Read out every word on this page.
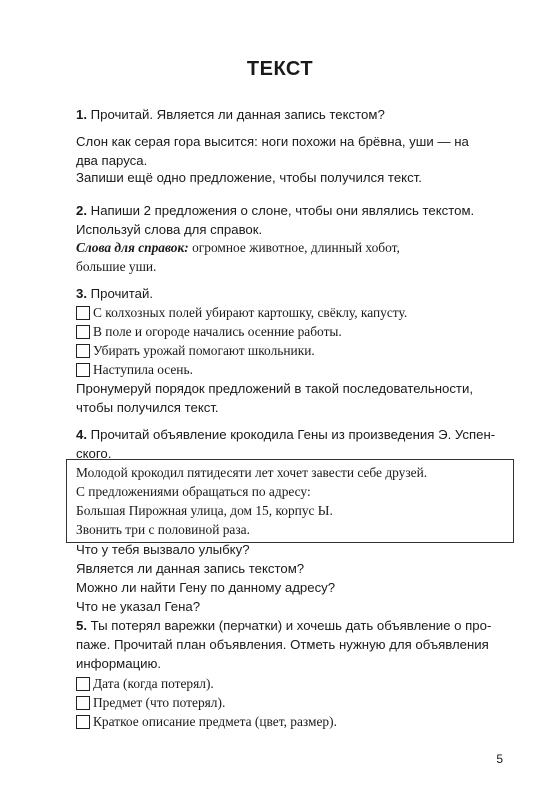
ТЕКСТ

1. Прочитай. Является ли данная запись текстом?

Слон как серая гора высится: ноги похожи на брёвна, уши — на

два паруса.

Запиши ещё одно предложение, чтобы получился текст.

2. Напиши 2 предложения о слоне, чтобы они являлись текстом.

Используй слова для справок.

Слова для справок: огромное животное, длинный хобот,

большие уши.

3. Прочитай.

С колхозных полей убирают картошку, свёклу, капусту.
В поле и огороде начались осенние работы.
Убирать урожай помогают школьники.
Наступила осень.

Пронумеруй порядок предложений в такой последовательности,

чтобы получился текст.

4. Прочитай объявление крокодила Гены из произведения Э. Успен-

ского.

Молодой крокодил пятидесяти лет хочет завести себе друзей.

С предложениями обращаться по адресу:

Большая Пирожная улица, дом 15, корпус Ы.

Звонить три с половиной раза.

Что у тебя вызвало улыбку?

Является ли данная запись текстом?

Можно ли найти Гену по данному адресу?

Что не указал Гена?

5. Ты потерял варежки (перчатки) и хочешь дать объявление о про-

паже. Прочитай план объявления. Отметь нужную для объявления

информацию.

Дата (когда потерял).
Предмет (что потерял).
Краткое описание предмета (цвет, размер).
5
